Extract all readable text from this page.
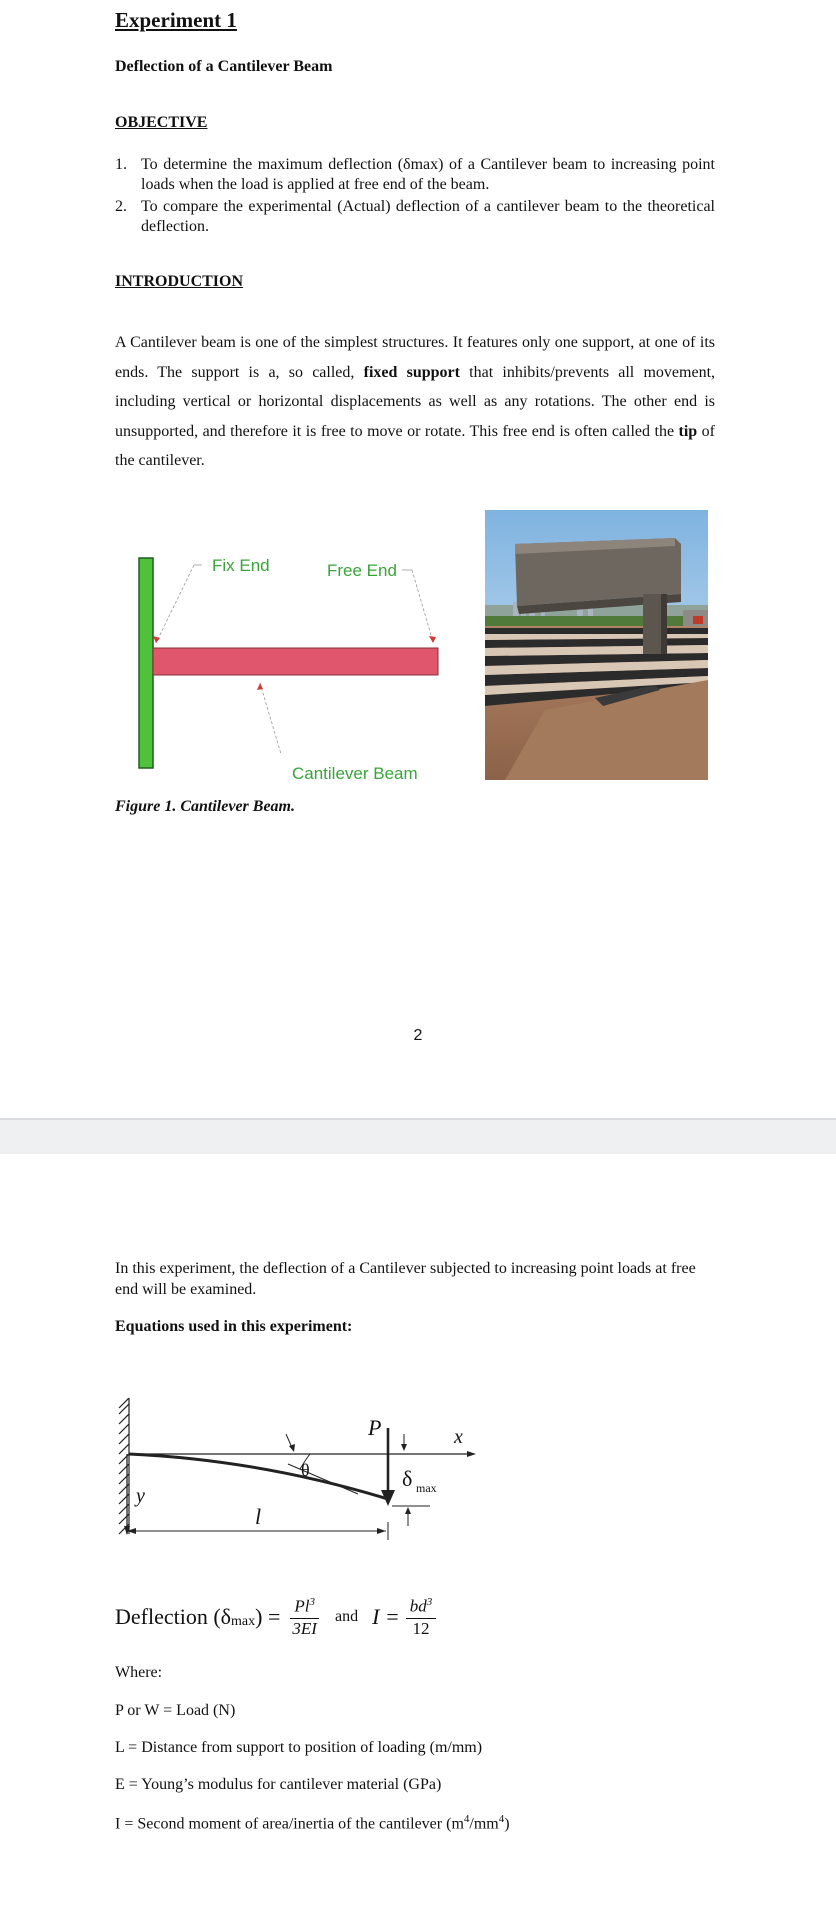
Experiment 1
Deflection of a Cantilever Beam
OBJECTIVE
1. To determine the maximum deflection (δmax) of a Cantilever beam to increasing point loads when the load is applied at free end of the beam.
2. To compare the experimental (Actual) deflection of a cantilever beam to the theoretical deflection.
INTRODUCTION
A Cantilever beam is one of the simplest structures. It features only one support, at one of its ends. The support is a, so called, fixed support that inhibits/prevents all movement, including vertical or horizontal displacements as well as any rotations. The other end is unsupported, and therefore it is free to move or rotate. This free end is often called the tip of the cantilever.
Fix End	Free End
Cantilever Beam
Figure 1. Cantilever Beam.
2
In this experiment, the deflection of a Cantilever subjected to increasing point loads at free end will be examined.
Equations used in this experiment:
P	x
y
θ
l
δ max
Deflection ( δ max ) = $\frac{Pl^3}{3EI}$ and $I = \frac{bd^3}{12}$
Where:
P or W = Load (N)
L = Distance from support to position of loading (m/mm)
E = Young’s modulus for cantilever material (GPa)
I = Second moment of area/inertia of the cantilever $(m^4/mm^4)$
